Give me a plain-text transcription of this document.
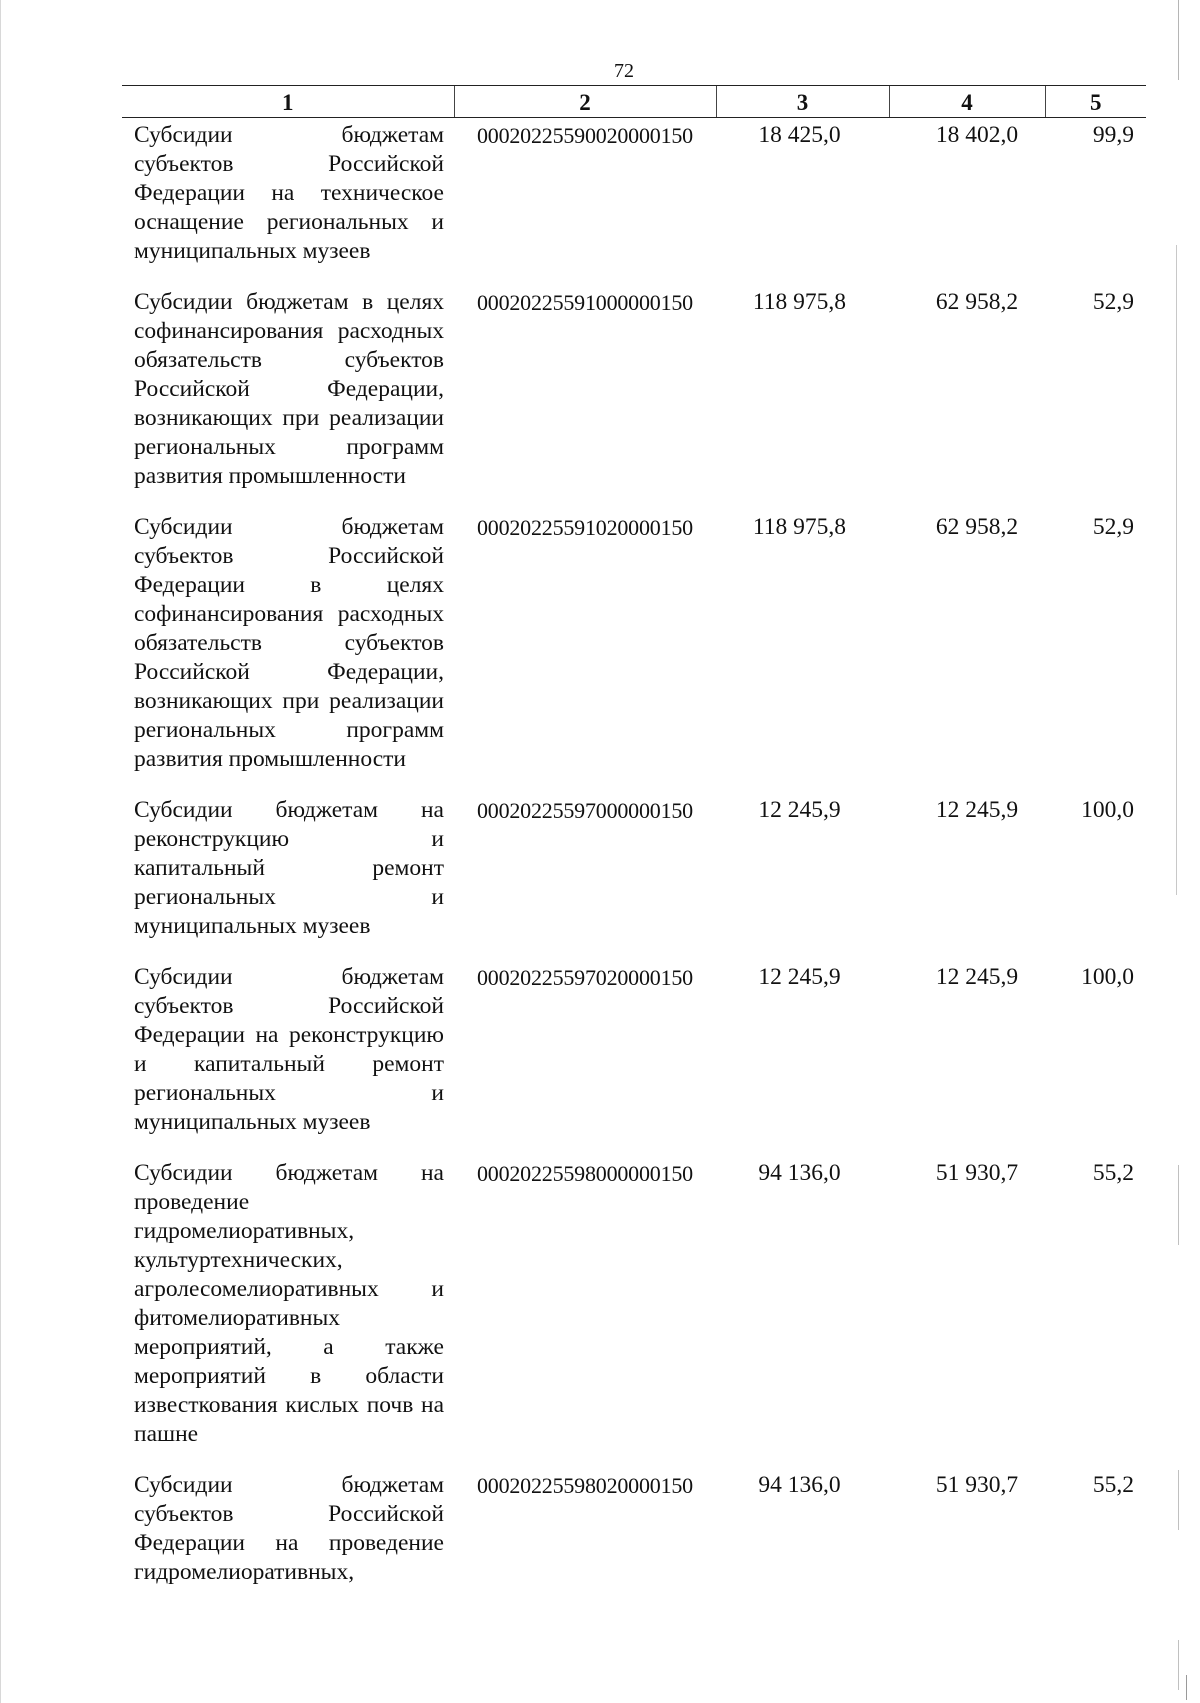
72
1	2	3	4	5
Субсидии бюджетам субъектов Российской Федерации на техническое оснащение региональных и муниципальных музеев	00020225590020000150	18 425,0	18 402,0	99,9
Субсидии бюджетам в целях софинансирования расходных обязательств субъектов Российской Федерации, возникающих при реализации региональных программ развития промышленности	00020225591000000150	118 975,8	62 958,2	52,9
Субсидии бюджетам субъектов Российской Федерации в целях софинансирования расходных обязательств субъектов Российской Федерации, возникающих при реализации региональных программ развития промышленности	00020225591020000150	118 975,8	62 958,2	52,9
Субсидии бюджетам на реконструкцию и капитальный ремонт региональных и муниципальных музеев	00020225597000000150	12 245,9	12 245,9	100,0
Субсидии бюджетам субъектов Российской Федерации на реконструкцию и капитальный ремонт региональных и муниципальных музеев	00020225597020000150	12 245,9	12 245,9	100,0
Субсидии бюджетам на проведение гидромелиоративных, культуртехнических, агролесомелиоративных и фитомелиоративных мероприятий, а также мероприятий в области известкования кислых почв на пашне	00020225598000000150	94 136,0	51 930,7	55,2
Субсидии бюджетам субъектов Российской Федерации на проведение гидромелиоративных,	00020225598020000150	94 136,0	51 930,7	55,2
